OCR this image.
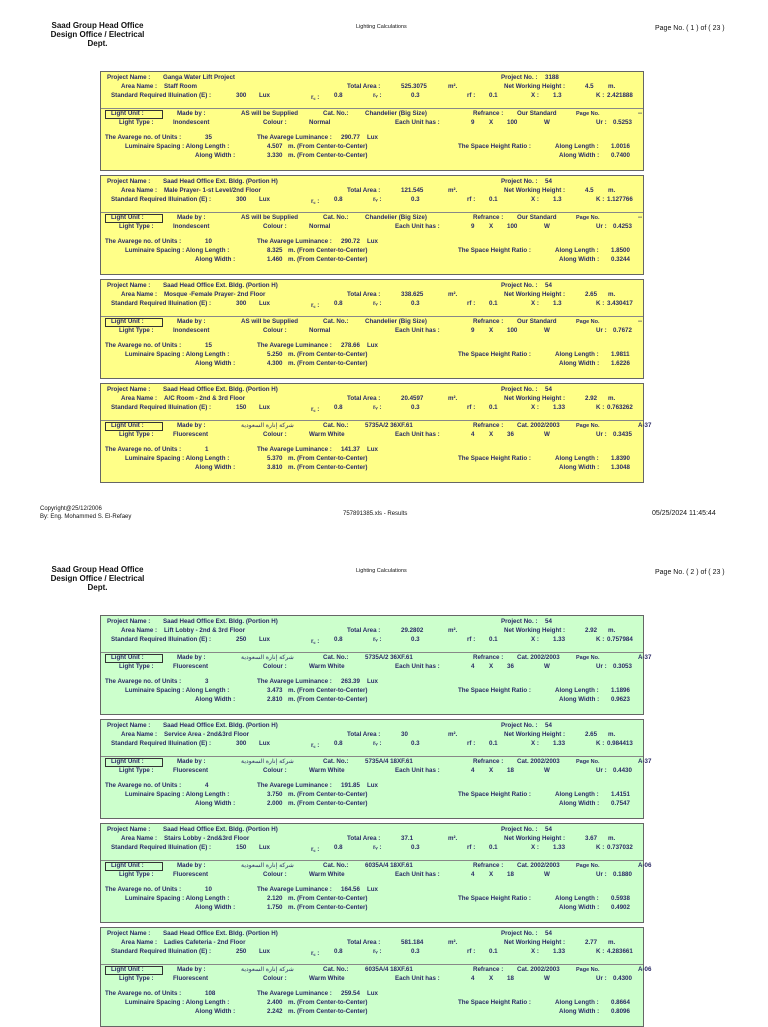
Saad Group Head Office
Design Office / Electrical Dept.
Lighting Calculations	Page No. ( 1 ) of ( 23 )
Copyright@25/12/2006
By: Eng. Mohammed S. El-Refaey	757891385.xls - Results	05/25/2024 11:45:44
Saad Group Head Office
Design Office / Electrical Dept.
Lighting Calculations	Page No. ( 2 ) of ( 23 )
Project Name : Ganga Water Lift Project	Project No. : 3188
Area Name : Staff Room	Total Area :	525.3075	m².	Net Working Height :	4.5 m.
Standard Required Illuination (E) :	300 Lux	r꜀ : 0.8	rᵥ :	0.3	rf : 0.1	X : 1.3	K : 2.421888
Light Unit :	Made by :	AS will be Supplied	Cat. No.:	Chandelier (Big Size)	Refrance : Our Standard	Page No.	--
Light Type :	Inondescent	Colour :	Normal	Each Unit has :	9 X 100	W	Ur : 0.5253
The Avarege no. of Units :	35	The Avarege Luminance : 290.77 Lux
Luminaire Spacing : Along Length :	4.507 m. (From Center-to-Center)	The Space Height Ratio :	Along Length : 1.0016
Along Width :	3.330 m. (From Center-to-Center)	Along Width : 0.7400
Project Name : Saad Head Office Ext. Bldg. (Portion H)	Project No. : 54
Area Name : Male Prayer- 1-st Level/2nd Floor	Total Area :	121.545	m².	Net Working Height :	4.5 m.
Standard Required Illuination (E) :	300 Lux	r꜀ : 0.8	rᵥ :	0.3	rf : 0.1	X : 1.3	K : 1.127766
Light Unit :	Made by :	AS will be Supplied	Cat. No.:	Chandelier (Big Size)	Refrance : Our Standard	Page No.	--
Light Type :	Inondescent	Colour :	Normal	Each Unit has :	9 X 100	W	Ur : 0.4253
The Avarege no. of Units :	10	The Avarege Luminance : 290.72 Lux
Luminaire Spacing : Along Length :	8.325 m. (From Center-to-Center)	The Space Height Ratio :	Along Length : 1.8500
Along Width :	1.460 m. (From Center-to-Center)	Along Width : 0.3244
Project Name : Saad Head Office Ext. Bldg. (Portion H)	Project No. : 54
Area Name : Mosque -Female Prayer- 2nd Floor	Total Area :	338.625	m².	Net Working Height :	2.65 m.
Standard Required Illuination (E) :	300 Lux	r꜀ : 0.8	rᵥ :	0.3	rf : 0.1	X : 1.3	K : 3.430417
Light Unit :	Made by :	AS will be Supplied	Cat. No.:	Chandelier (Big Size)	Refrance : Our Standard	Page No.	--
Light Type :	Inondescent	Colour :	Normal	Each Unit has :	9 X 100	W	Ur : 0.7672
The Avarege no. of Units :	15	The Avarege Luminance : 278.66 Lux
Luminaire Spacing : Along Length :	5.250 m. (From Center-to-Center)	The Space Height Ratio :	Along Length : 1.9811
Along Width :	4.300 m. (From Center-to-Center)	Along Width : 1.6226
Project Name : Saad Head Office Ext. Bldg. (Portion H)	Project No. : 54
Area Name : A/C Room - 2nd & 3rd Floor	Total Area :	20.4597	m².	Net Working Height :	2.92 m.
Standard Required Illuination (E) :	150 Lux	r꜀ : 0.8	rᵥ :	0.3	rf : 0.1	X : 1.33	K : 0.763262
Light Unit :	Made by :	شركة إنارة السعودية	Cat. No.:	5735A/2 36XF.61	Refrance : Cat. 2002/2003	Page No.	A-37
Light Type :	Fluorescent	Colour :	Warm White	Each Unit has :	4 X 36	W	Ur : 0.3435
The Avarege no. of Units :	1	The Avarege Luminance : 141.37 Lux
Luminaire Spacing : Along Length :	5.370 m. (From Center-to-Center)	The Space Height Ratio :	Along Length : 1.8390
Along Width :	3.810 m. (From Center-to-Center)	Along Width : 1.3048
Project Name : Saad Head Office Ext. Bldg. (Portion H)	Project No. : 54
Area Name : Lift Lobby - 2nd & 3rd Floor	Total Area :	29.2802	m².	Net Working Height :	2.92 m.
Standard Required Illuination (E) :	250 Lux	r꜀ : 0.8	rᵥ :	0.3	rf : 0.1	X : 1.33	K : 0.757984
Light Unit :	Made by :	شركة إنارة السعودية	Cat. No.:	5735A/2 36XF.61	Refrance : Cat. 2002/2003	Page No.	A-37
Light Type :	Fluorescent	Colour :	Warm White	Each Unit has :	4 X 36	W	Ur : 0.3053
The Avarege no. of Units :	3	The Avarege Luminance : 263.39 Lux
Luminaire Spacing : Along Length :	3.473 m. (From Center-to-Center)	The Space Height Ratio :	Along Length : 1.1896
Along Width :	2.810 m. (From Center-to-Center)	Along Width : 0.9623
Project Name : Saad Head Office Ext. Bldg. (Portion H)	Project No. : 54
Area Name : Service Area - 2nd&3rd Floor	Total Area :	30	m².	Net Working Height :	2.65 m.
Standard Required Illuination (E) :	300 Lux	r꜀ : 0.8	rᵥ :	0.3	rf : 0.1	X : 1.33	K : 0.984413
Light Unit :	Made by :	شركة إنارة السعودية	Cat. No.:	5735A/4 18XF.61	Refrance : Cat. 2002/2003	Page No.	A-37
Light Type :	Fluorescent	Colour :	Warm White	Each Unit has :	4 X 18	W	Ur : 0.4430
The Avarege no. of Units :	4	The Avarege Luminance : 191.85 Lux
Luminaire Spacing : Along Length :	3.750 m. (From Center-to-Center)	The Space Height Ratio :	Along Length : 1.4151
Along Width :	2.000 m. (From Center-to-Center)	Along Width : 0.7547
Project Name : Saad Head Office Ext. Bldg. (Portion H)	Project No. : 54
Area Name : Stairs Lobby - 2nd&3rd Floor	Total Area :	37.1	m².	Net Working Height :	3.67 m.
Standard Required Illuination (E) :	150 Lux	r꜀ : 0.8	rᵥ :	0.3	rf : 0.1	X : 1.33	K : 0.737032
Light Unit :	Made by :	شركة إنارة السعودية	Cat. No.:	6035A/4 18XF.61	Refrance : Cat. 2002/2003	Page No.	A-06
Light Type :	Fluorescent	Colour :	Warm White	Each Unit has :	4 X 18	W	Ur : 0.1880
The Avarege no. of Units :	10	The Avarege Luminance : 164.56 Lux
Luminaire Spacing : Along Length :	2.120 m. (From Center-to-Center)	The Space Height Ratio :	Along Length : 0.5938
Along Width :	1.750 m. (From Center-to-Center)	Along Width : 0.4902
Project Name : Saad Head Office Ext. Bldg. (Portion H)	Project No. : 54
Area Name : Ladies Cafeteria - 2nd Floor	Total Area :	581.184	m².	Net Working Height :	2.77 m.
Standard Required Illuination (E) :	250 Lux	r꜀ : 0.8	rᵥ :	0.3	rf : 0.1	X : 1.33	K : 4.283661
Light Unit :	Made by :	شركة إنارة السعودية	Cat. No.:	6035A/4 18XF.61	Refrance : Cat. 2002/2003	Page No.	A-06
Light Type :	Fluorescent	Colour :	Warm White	Each Unit has :	4 X 18	W	Ur : 0.4300
The Avarege no. of Units :	108	The Avarege Luminance : 259.54 Lux
Luminaire Spacing : Along Length :	2.400 m. (From Center-to-Center)	The Space Height Ratio :	Along Length : 0.8664
Along Width :	2.242 m. (From Center-to-Center)	Along Width : 0.8096
